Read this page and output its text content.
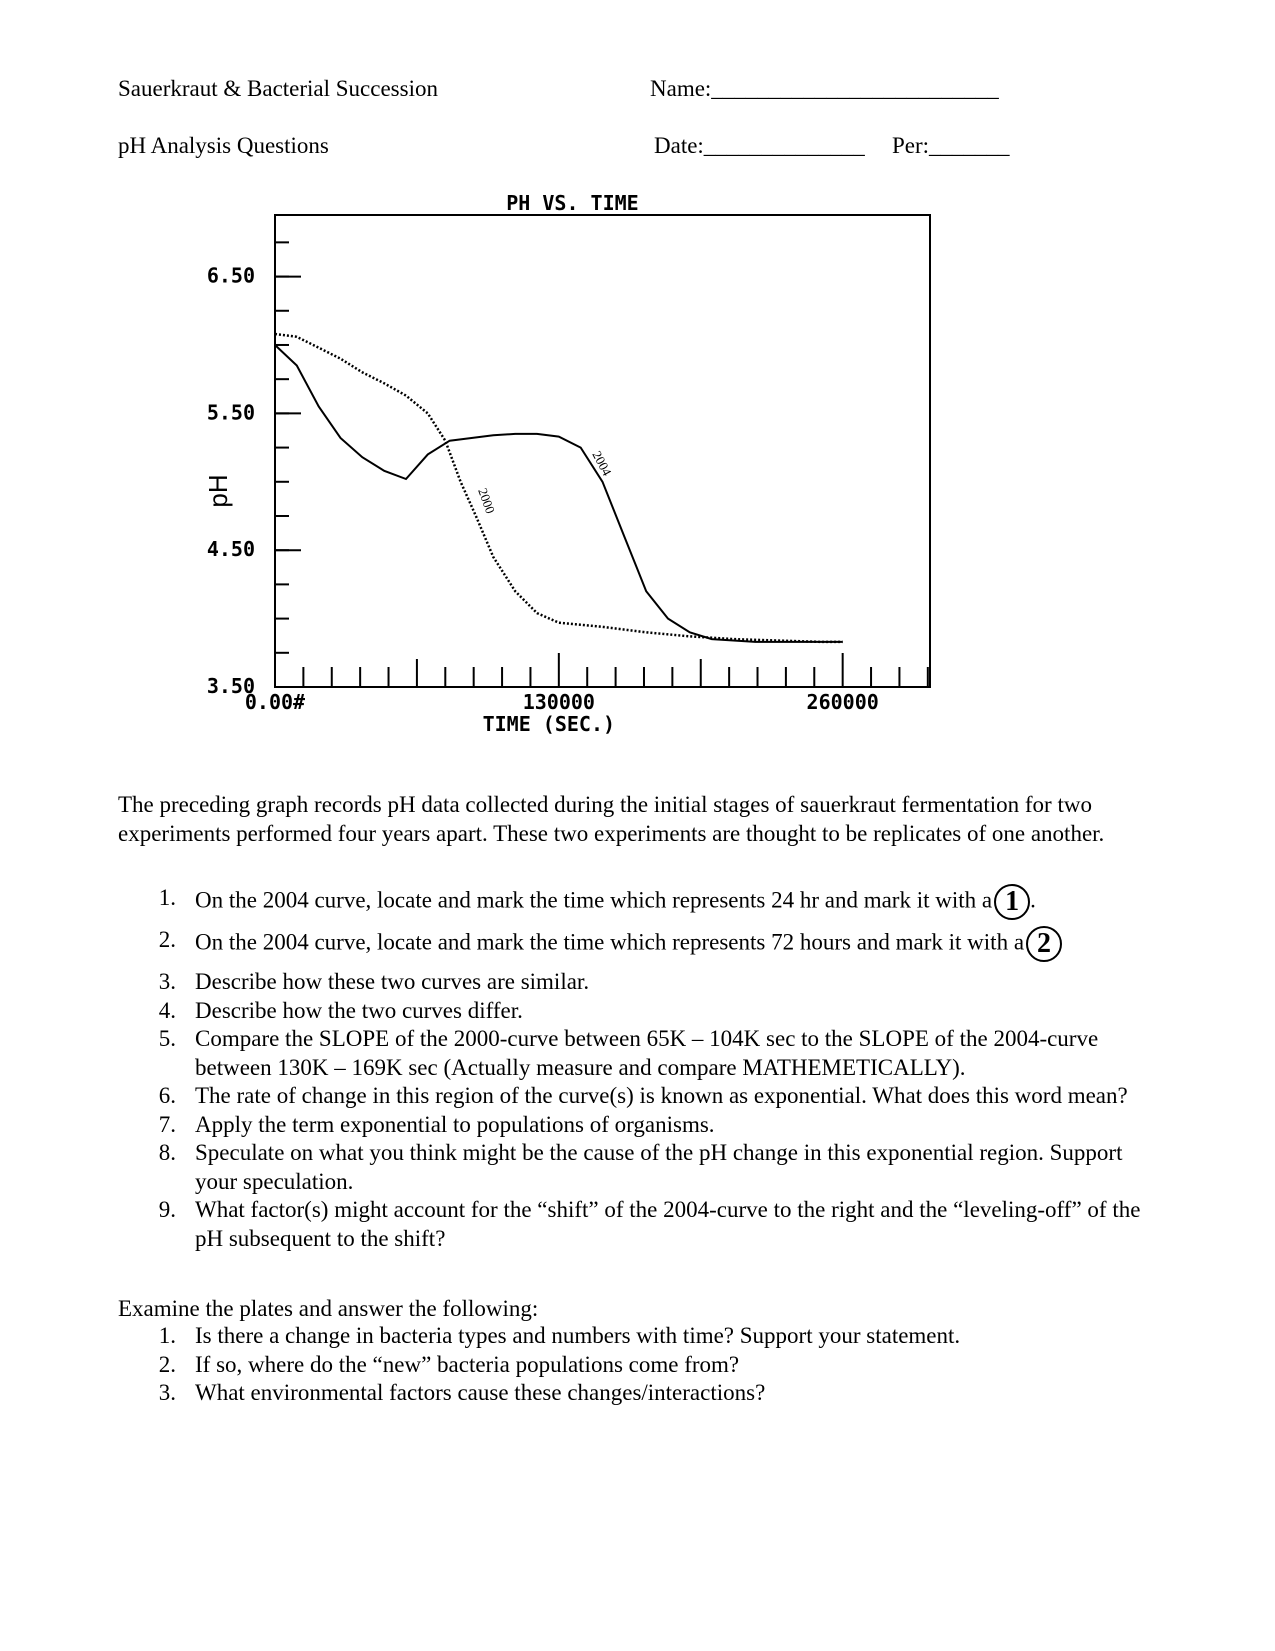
Sauerkraut & Bacterial Succession
pH Analysis Questions
Name:_________________________
Date:______________ Per:_______
PH VS. TIME
6.50
5.50
4.50
3.50
pH
0.00#	130000	260000
TIME (SEC.)
2000
2004
The preceding graph records pH data collected during the initial stages of sauerkraut fermentation for two experiments performed four years apart. These two experiments are thought to be replicates of one another.
1. On the 2004 curve, locate and mark the time which represents 24 hr and mark it with a 1 .
2. On the 2004 curve, locate and mark the time which represents 72 hours and mark it with a 2
3. Describe how these two curves are similar.
4. Describe how the two curves differ.
5. Compare the SLOPE of the 2000-curve between 65K – 104K sec to the SLOPE of the 2004-curve between 130K – 169K sec (Actually measure and compare MATHEMETICALLY).
6. The rate of change in this region of the curve(s) is known as exponential. What does this word mean?
7. Apply the term exponential to populations of organisms.
8. Speculate on what you think might be the cause of the pH change in this exponential region. Support your speculation.
9. What factor(s) might account for the “shift” of the 2004-curve to the right and the “leveling-off” of the pH subsequent to the shift?
Examine the plates and answer the following:
1. Is there a change in bacteria types and numbers with time? Support your statement.
2. If so, where do the “new” bacteria populations come from?
3. What environmental factors cause these changes/interactions?
